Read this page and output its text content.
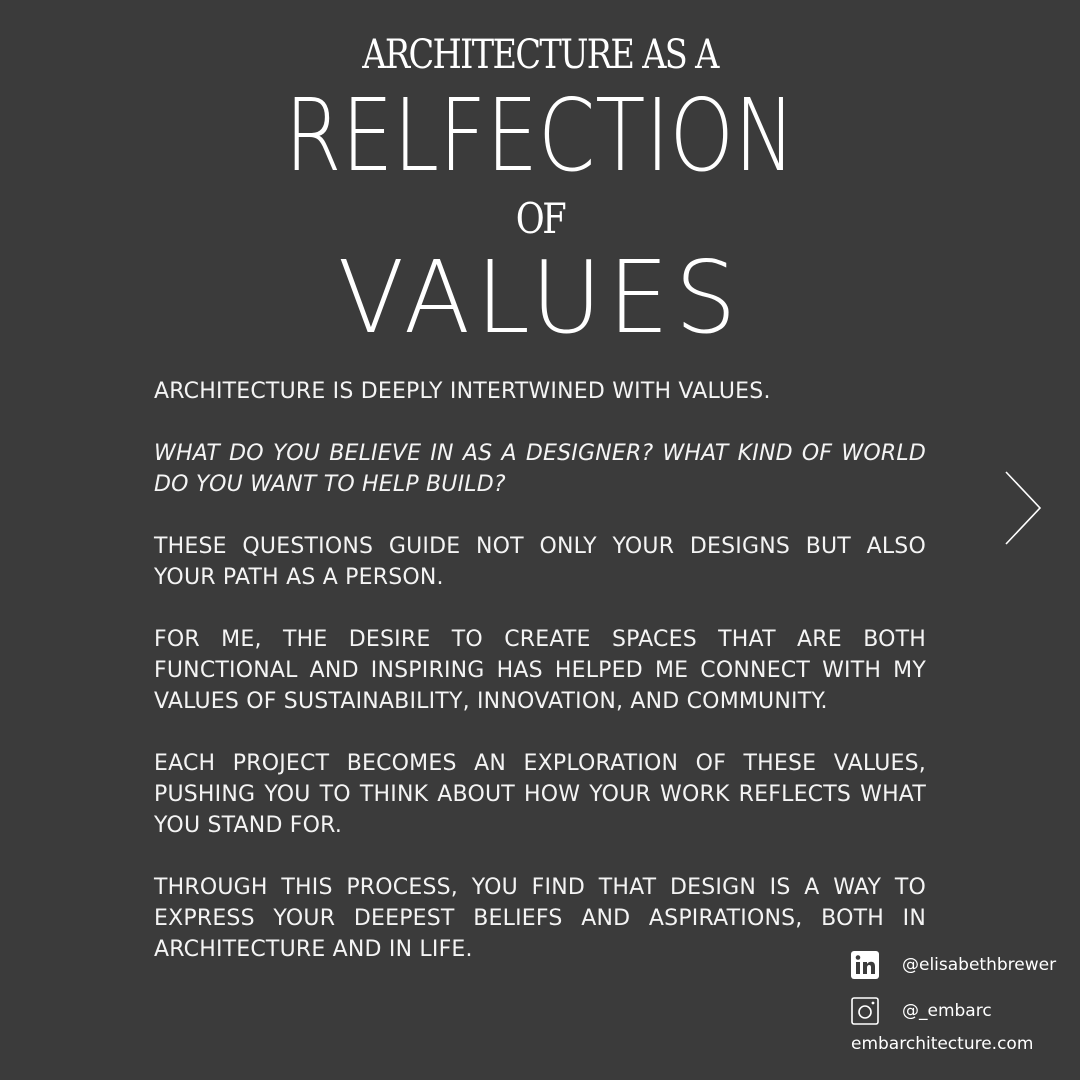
ARCHITECTURE AS A
RELFECTION
OF
VALUES

ARCHITECTURE IS DEEPLY INTERTWINED WITH VALUES.

WHAT DO YOU BELIEVE IN AS A DESIGNER? WHAT KIND OF WORLD DO YOU WANT TO HELP BUILD?

THESE QUESTIONS GUIDE NOT ONLY YOUR DESIGNS BUT ALSO YOUR PATH AS A PERSON.

FOR ME, THE DESIRE TO CREATE SPACES THAT ARE BOTH FUNCTIONAL AND INSPIRING HAS HELPED ME CONNECT WITH MY VALUES OF SUSTAINABILITY, INNOVATION, AND COMMUNITY.

EACH PROJECT BECOMES AN EXPLORATION OF THESE VALUES, PUSHING YOU TO THINK ABOUT HOW YOUR WORK REFLECTS WHAT YOU STAND FOR.

THROUGH THIS PROCESS, YOU FIND THAT DESIGN IS A WAY TO EXPRESS YOUR DEEPEST BELIEFS AND ASPIRATIONS, BOTH IN ARCHITECTURE AND IN LIFE.

@elisabethbrewer
@_embarc
embarchitecture.com
